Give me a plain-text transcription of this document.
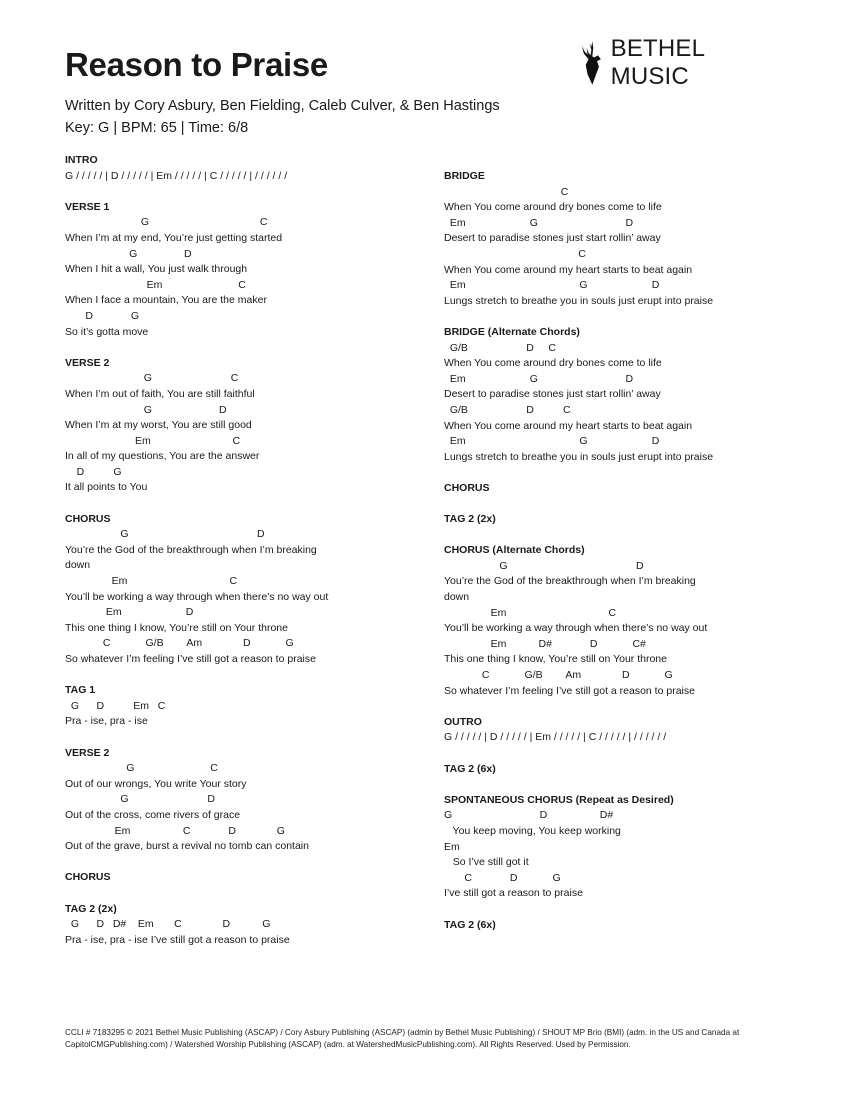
Reason to Praise
Written by Cory Asbury, Ben Fielding, Caleb Culver, & Ben Hastings
Key: G | BPM: 65 | Time: 6/8
BETHEL MUSIC
INTRO
G / / / / / | D / / / / / | Em / / / / / | C / / / / / | / / / / / /
VERSE 1
G                                      C
When I’m at my end, You’re just getting started
G                D
When I hit a wall, You just walk through
Em                          C
When I face a mountain, You are the maker
D             G
So it’s gotta move
VERSE 2
G                           C
When I’m out of faith, You are still faithful
G                       D
When I’m at my worst, You are still good
Em                            C
In all of my questions, You are the answer
D          G
It all points to You
CHORUS
G                                            D
You’re the God of the breakthrough when I’m breaking
down
Em                                   C
You’ll be working a way through when there’s no way out
Em                      D
This one thing I know, You’re still on Your throne
C            G/B        Am              D            G
So whatever I’m feeling I’ve still got a reason to praise
TAG 1
G      D          Em   C
Pra - ise, pra - ise
VERSE 2
G                          C
Out of our wrongs, You write Your story
G                           D
Out of the cross, come rivers of grace
Em                  C             D              G
Out of the grave, burst a revival no tomb can contain
CHORUS
TAG 2 (2x)
G      D   D#    Em       C              D           G
Pra - ise, pra - ise I’ve still got a reason to praise
BRIDGE
C
When You come around dry bones come to life
Em                      G                              D
Desert to paradise stones just start rollin’ away
C
When You come around my heart starts to beat again
Em                                       G                      D
Lungs stretch to breathe you in souls just erupt into praise
BRIDGE (Alternate Chords)
G/B                    D     C
When You come around dry bones come to life
Em                      G                              D
Desert to paradise stones just start rollin’ away
G/B                    D          C
When You come around my heart starts to beat again
Em                                       G                      D
Lungs stretch to breathe you in souls just erupt into praise
CHORUS
TAG 2 (2x)
CHORUS (Alternate Chords)
G                                            D
You’re the God of the breakthrough when I’m breaking
down
Em                                   C
You’ll be working a way through when there’s no way out
Em           D#             D            C#
This one thing I know, You’re still on Your throne
C            G/B        Am              D            G
So whatever I’m feeling I’ve still got a reason to praise
OUTRO
G / / / / / | D / / / / / | Em / / / / / | C / / / / / | / / / / / /
TAG 2 (6x)
SPONTANEOUS CHORUS (Repeat as Desired)
G                              D                  D#
You keep moving, You keep working
Em
So I’ve still got it
C             D            G
I’ve still got a reason to praise
TAG 2 (6x)
CCLI # 7183295 © 2021 Bethel Music Publishing (ASCAP) / Cory Asbury Publishing (ASCAP) (admin by Bethel Music Publishing) / SHOUT MP Brio (BMI) (adm. in the US and Canada at CapitolCMGPublishing.com) / Watershed Worship Publishing (ASCAP) (adm. at WatershedMusicPublishing.com). All Rights Reserved. Used by Permission.
